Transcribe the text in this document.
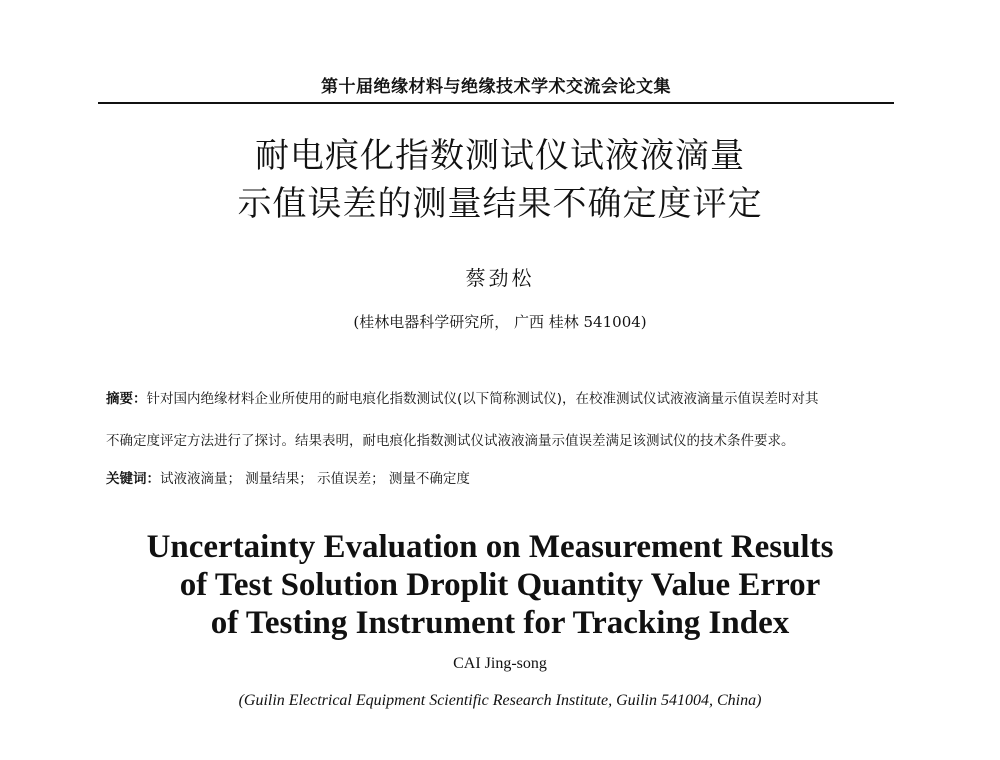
第十届绝缘材料与绝缘技术学术交流会论文集
耐电痕化指数测试仪试液液滴量
示值误差的测量结果不确定度评定
蔡劲松
(桂林电器科学研究所， 广西 桂林 541004)
摘要：针对国内绝缘材料企业所使用的耐电痕化指数测试仪(以下简称测试仪)，在校准测试仪试液液滴量示值误差时对其
不确定度评定方法进行了探讨。结果表明，耐电痕化指数测试仪试液液滴量示值误差满足该测试仪的技术条件要求。
关键词：试液液滴量； 测量结果； 示值误差； 测量不确定度
Uncertainty Evaluation on Measurement Results
of Test Solution Droplit Quantity Value Error
of Testing Instrument for Tracking Index
CAI Jing-song
(Guilin Electrical Equipment Scientific Research Institute, Guilin 541004, China)
